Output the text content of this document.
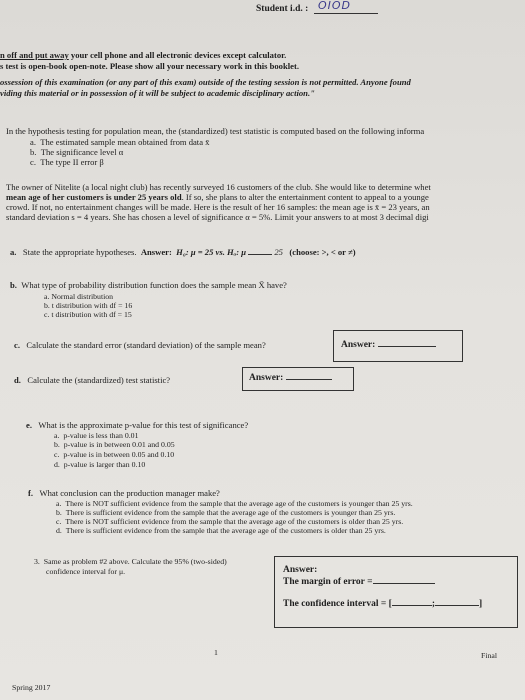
Student i.d. : OIOD
n off and put away your cell phone and all electronic devices except calculator.
s test is open-book open-note. Please show all your necessary work in this booklet.
ossession of this examination (or any part of this exam) outside of the testing session is not permitted. Anyone found
viding this material or in possession of it will be subject to academic disciplinary action."
In the hypothesis testing for population mean, the (standardized) test statistic is computed based on the following informa
a. The estimated sample mean obtained from data x̄
b. The significance level α
c. The type II error β
The owner of Nitelite (a local night club) has recently surveyed 16 customers of the club. She would like to determine whet
mean age of her customers is under 25 years old. If so, she plans to alter the entertainment content to appeal to a younge
crowd. If not, no entertainment changes will be made. Here is the result of her 16 samples: the mean age is x̄ = 23 years, an
standard deviation s = 4 years. She has chosen a level of significance α = 5%. Limit your answers to at most 3 decimal digi
a. State the appropriate hypotheses. Answer: H₀: μ = 25 vs. Hₐ: μ	25 (choose: >, < or ≠)
b. What type of probability distribution function does the sample mean X̄ have?
a. Normal distribution
b. t distribution with df = 16
c. t distribution with df = 15
c. Calculate the standard error (standard deviation) of the sample mean?	Answer:
d. Calculate the (standardized) test statistic?	Answer:
e. What is the approximate p-value for this test of significance?
a. p-value is less than 0.01
b. p-value is in between 0.01 and 0.05
c. p-value is in between 0.05 and 0.10
d. p-value is larger than 0.10
f. What conclusion can the production manager make?
a. There is NOT sufficient evidence from the sample that the average age of the customers is younger than 25 yrs.
b. There is sufficient evidence from the sample that the average age of the customers is younger than 25 yrs.
c. There is NOT sufficient evidence from the sample that the average age of the customers is older than 25 yrs.
d. There is sufficient evidence from the sample that the average age of the customers is older than 25 yrs.
3. Same as problem #2 above. Calculate the 95% (two-sided)
confidence interval for μ.	Answer:
The margin of error =
The confidence interval = [	;	]
Spring 2017
1	Final
